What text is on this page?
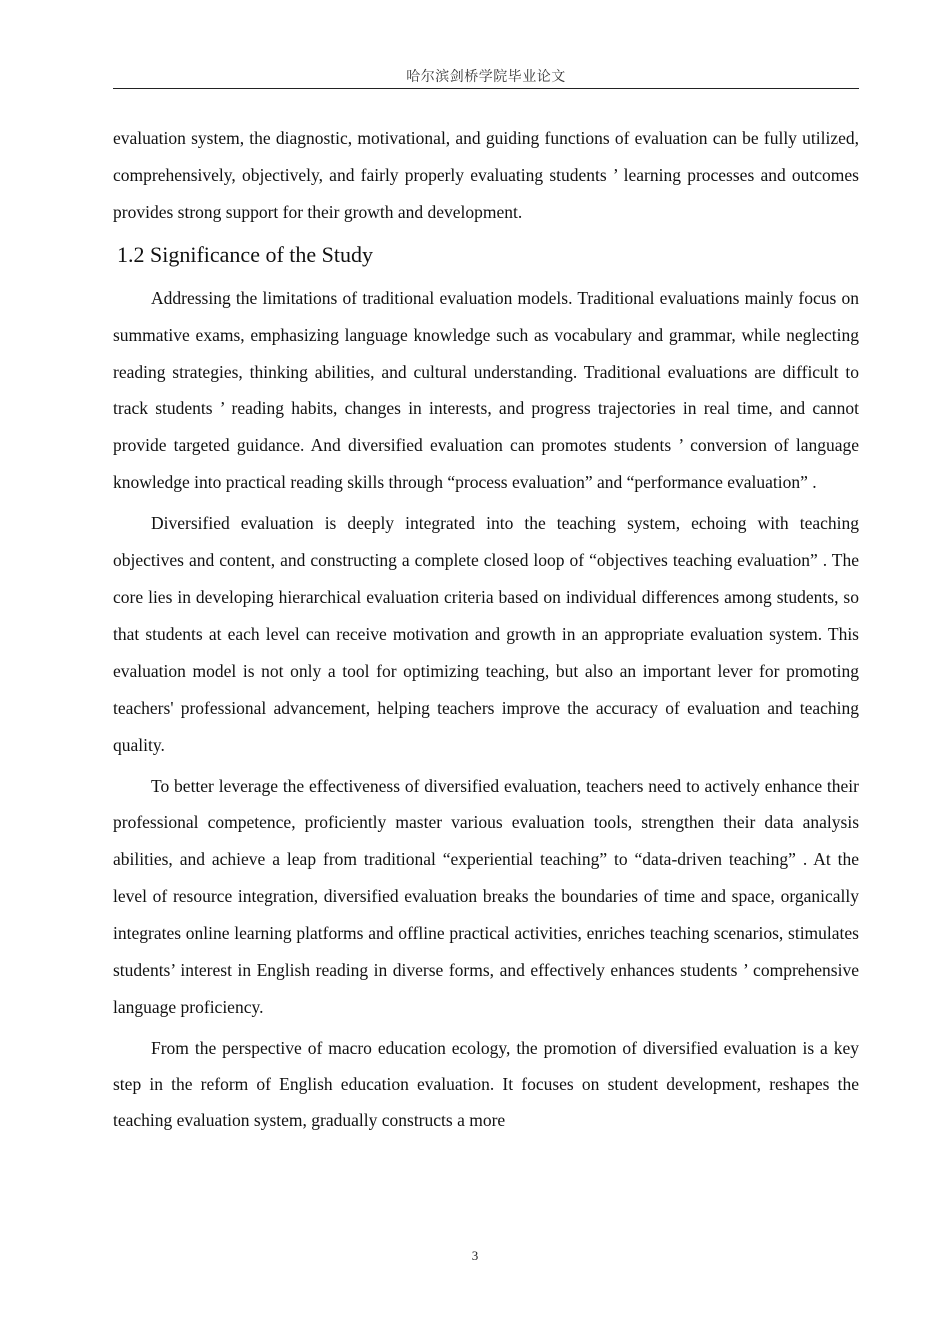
哈尔滨剑桥学院毕业论文

evaluation system, the diagnostic, motivational, and guiding functions of evaluation can be fully utilized, comprehensively, objectively, and fairly properly evaluating students ’ learning processes and outcomes provides strong support for their growth and development.

1.2 Significance of the Study

Addressing the limitations of traditional evaluation models. Traditional evaluations mainly focus on summative exams, emphasizing language knowledge such as vocabulary and grammar, while neglecting reading strategies, thinking abilities, and cultural understanding. Traditional evaluations are difficult to track students ’ reading habits, changes in interests, and progress trajectories in real time, and cannot provide targeted guidance. And diversified evaluation can promotes students ’ conversion of language knowledge into practical reading skills through “process evaluation” and “performance evaluation” .

Diversified evaluation is deeply integrated into the teaching system, echoing with teaching objectives and content, and constructing a complete closed loop of “objectives teaching evaluation” . The core lies in developing hierarchical evaluation criteria based on individual differences among students, so that students at each level can receive motivation and growth in an appropriate evaluation system. This evaluation model is not only a tool for optimizing teaching, but also an important lever for promoting teachers' professional advancement, helping teachers improve the accuracy of evaluation and teaching quality.

To better leverage the effectiveness of diversified evaluation, teachers need to actively enhance their professional competence, proficiently master various evaluation tools, strengthen their data analysis abilities, and achieve a leap from traditional “experiential teaching” to “data-driven teaching” . At the level of resource integration, diversified evaluation breaks the boundaries of time and space, organically integrates online learning platforms and offline practical activities, enriches teaching scenarios, stimulates students’ interest in English reading in diverse forms, and effectively enhances students ’ comprehensive language proficiency.

From the perspective of macro education ecology, the promotion of diversified evaluation is a key step in the reform of English education evaluation. It focuses on student development, reshapes the teaching evaluation system, gradually constructs a more

3
